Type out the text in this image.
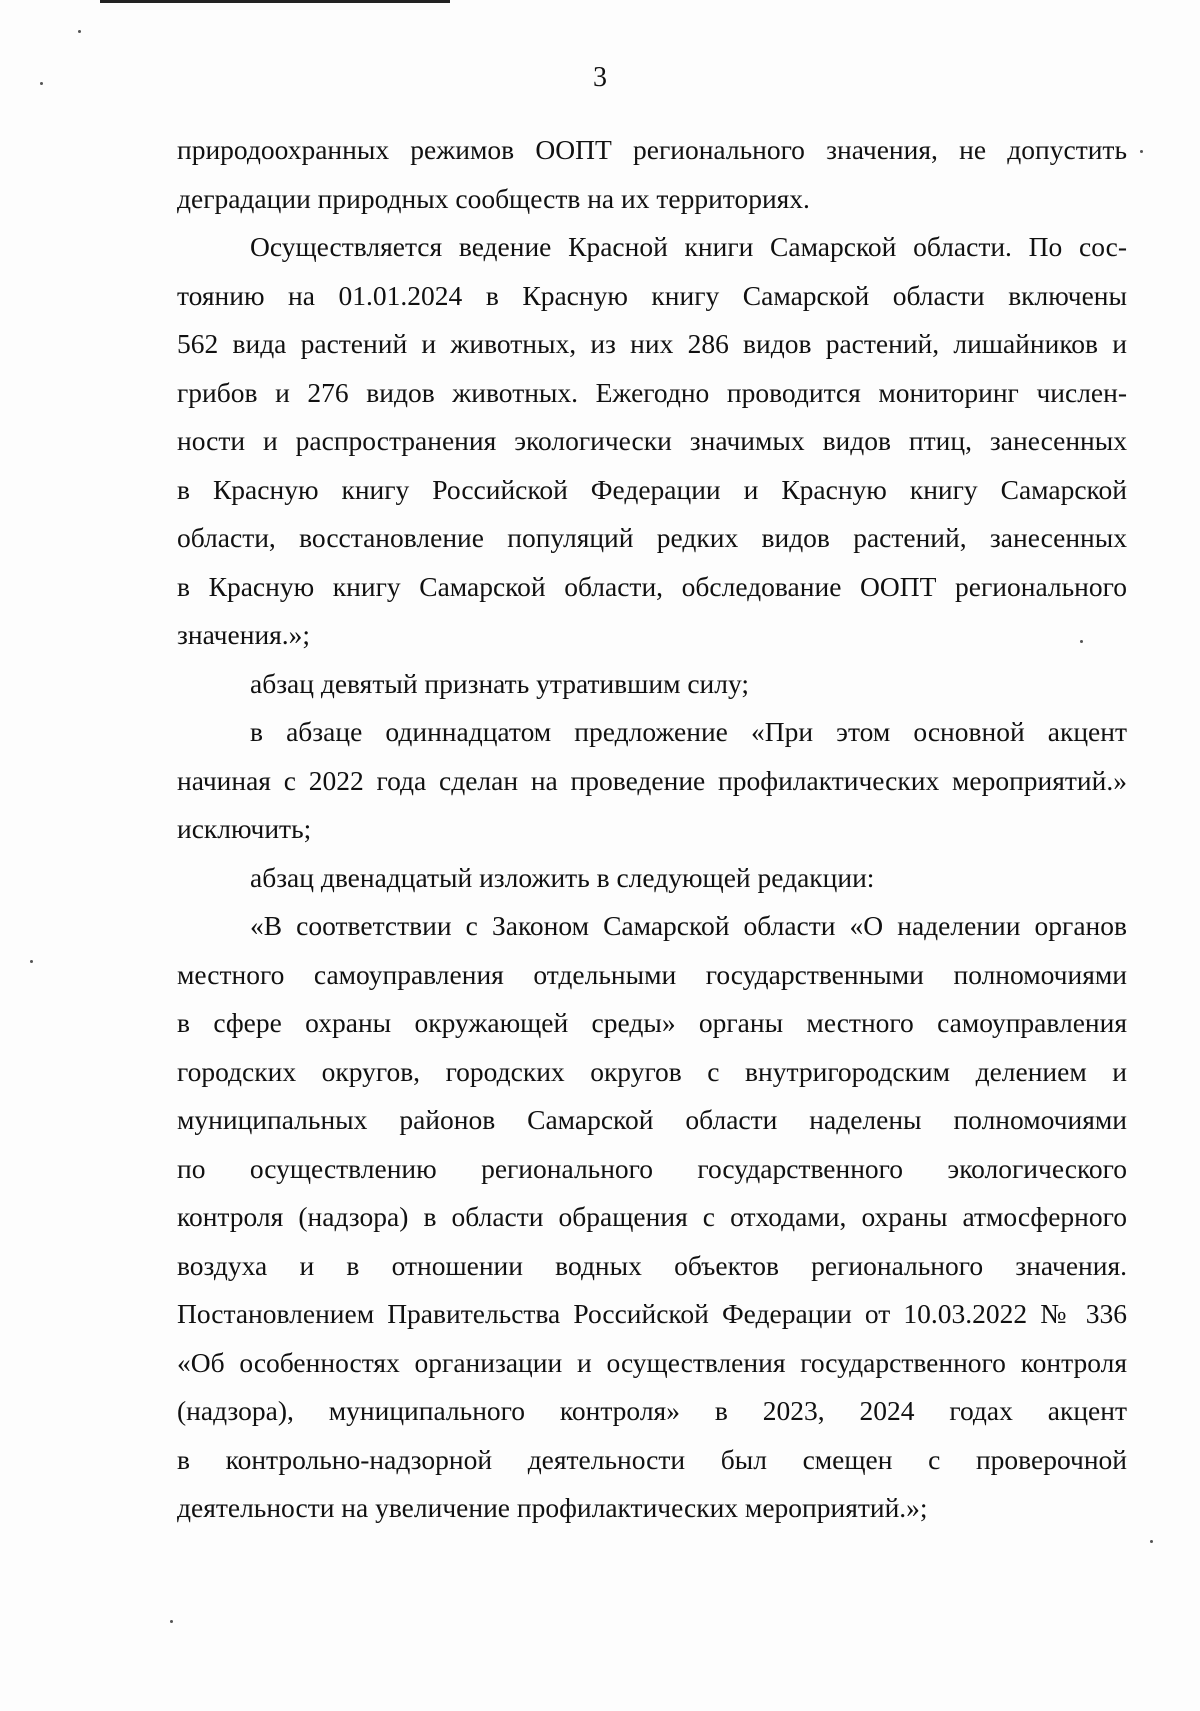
3
природоохранных режимов ООПТ регионального значения, не допустить
деградации природных сообществ на их территориях.
Осуществляется ведение Красной книги Самарской области. По сос-
тоянию на 01.01.2024 в Красную книгу Самарской области включены
562 вида растений и животных, из них 286 видов растений, лишайников и
грибов и 276 видов животных. Ежегодно проводится мониторинг числен-
ности и распространения экологически значимых видов птиц, занесенных
в Красную книгу Российской Федерации и Красную книгу Самарской
области, восстановление популяций редких видов растений, занесенных
в Красную книгу Самарской области, обследование ООПТ регионального
значения.»;
абзац девятый признать утратившим силу;
в абзаце одиннадцатом предложение «При этом основной акцент
начиная с 2022 года сделан на проведение профилактических мероприятий.»
исключить;
абзац двенадцатый изложить в следующей редакции:
«В соответствии с Законом Самарской области «О наделении органов
местного самоуправления отдельными государственными полномочиями
в сфере охраны окружающей среды» органы местного самоуправления
городских округов, городских округов с внутригородским делением и
муниципальных районов Самарской области наделены полномочиями
по осуществлению регионального государственного экологического
контроля (надзора) в области обращения с отходами, охраны атмосферного
воздуха и в отношении водных объектов регионального значения.
Постановлением Правительства Российской Федерации от 10.03.2022 № 336
«Об особенностях организации и осуществления государственного контроля
(надзора), муниципального контроля» в 2023, 2024 годах акцент
в контрольно-надзорной деятельности был смещен с проверочной
деятельности на увеличение профилактических мероприятий.»;
